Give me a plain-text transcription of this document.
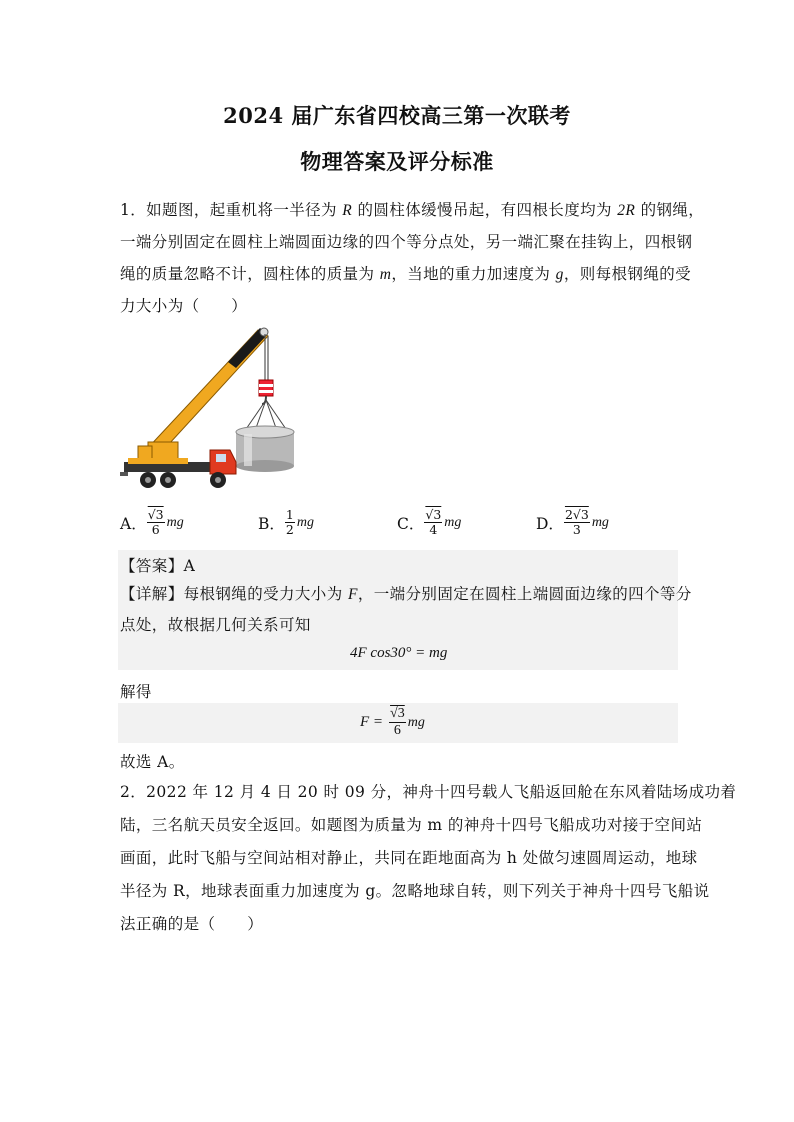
2024 届广东省四校高三第一次联考
物理答案及评分标准
1．如题图，起重机将一半径为 R 的圆柱体缓慢吊起，有四根长度均为 2R 的钢绳，
一端分别固定在圆柱上端圆面边缘的四个等分点处，另一端汇聚在挂钩上，四根钢
绳的质量忽略不计，圆柱体的质量为 m，当地的重力加速度为 g，则每根钢绳的受
力大小为（　　）
A． $\frac{√3}{6}$ mg	B． $\frac{1}{2}$ mg	C． $\frac{√3}{4}$ mg	D． $\frac{2√3}{3}$ mg
【答案】A
【详解】每根钢绳的受力大小为 F，一端分别固定在圆柱上端圆面边缘的四个等分
点处，故根据几何关系可知
4F cos30° = mg
解得
$F = \frac{√3}{6}$ mg
故选 A。
2．2022 年 12 月 4 日 20 时 09 分，神舟十四号载人飞船返回舱在东风着陆场成功着
陆，三名航天员安全返回。如题图为质量为 m 的神舟十四号飞船成功对接于空间站
画面，此时飞船与空间站相对静止，共同在距地面高为 h 处做匀速圆周运动，地球
半径为 R，地球表面重力加速度为 g。忽略地球自转，则下列关于神舟十四号飞船说
法正确的是（　　）
